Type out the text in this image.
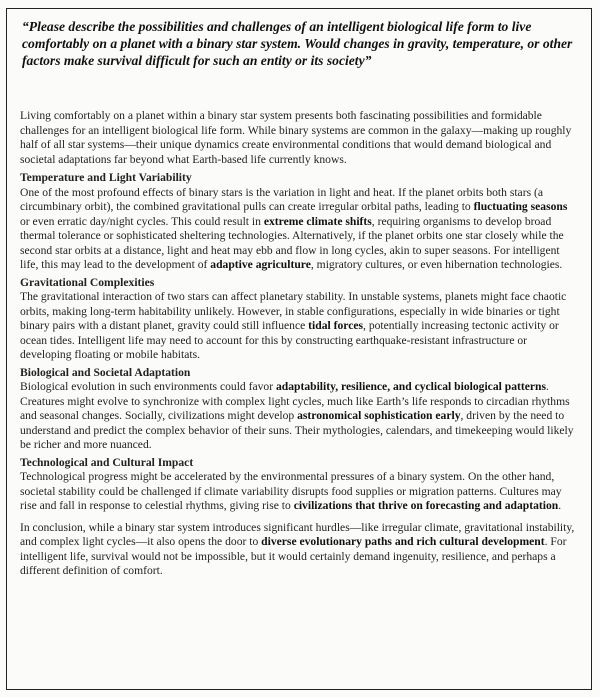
“Please describe the possibilities and challenges of an intelligent biological life form to live comfortably on a planet with a binary star system. Would changes in gravity, temperature, or other factors make survival difficult for such an entity or its society”

Living comfortably on a planet within a binary star system presents both fascinating possibilities and formidable challenges for an intelligent biological life form. While binary systems are common in the galaxy—making up roughly half of all star systems—their unique dynamics create environmental conditions that would demand biological and societal adaptations far beyond what Earth-based life currently knows.

Temperature and Light Variability

One of the most profound effects of binary stars is the variation in light and heat. If the planet orbits both stars (a circumbinary orbit), the combined gravitational pulls can create irregular orbital paths, leading to fluctuating seasons or even erratic day/night cycles. This could result in extreme climate shifts, requiring organisms to develop broad thermal tolerance or sophisticated sheltering technologies. Alternatively, if the planet orbits one star closely while the second star orbits at a distance, light and heat may ebb and flow in long cycles, akin to super seasons. For intelligent life, this may lead to the development of adaptive agriculture, migratory cultures, or even hibernation technologies.

Gravitational Complexities

The gravitational interaction of two stars can affect planetary stability. In unstable systems, planets might face chaotic orbits, making long-term habitability unlikely. However, in stable configurations, especially in wide binaries or tight binary pairs with a distant planet, gravity could still influence tidal forces, potentially increasing tectonic activity or ocean tides. Intelligent life may need to account for this by constructing earthquake-resistant infrastructure or developing floating or mobile habitats.

Biological and Societal Adaptation

Biological evolution in such environments could favor adaptability, resilience, and cyclical biological patterns. Creatures might evolve to synchronize with complex light cycles, much like Earth’s life responds to circadian rhythms and seasonal changes. Socially, civilizations might develop astronomical sophistication early, driven by the need to understand and predict the complex behavior of their suns. Their mythologies, calendars, and timekeeping would likely be richer and more nuanced.

Technological and Cultural Impact

Technological progress might be accelerated by the environmental pressures of a binary system. On the other hand, societal stability could be challenged if climate variability disrupts food supplies or migration patterns. Cultures may rise and fall in response to celestial rhythms, giving rise to civilizations that thrive on forecasting and adaptation.

In conclusion, while a binary star system introduces significant hurdles—like irregular climate, gravitational instability, and complex light cycles—it also opens the door to diverse evolutionary paths and rich cultural development. For intelligent life, survival would not be impossible, but it would certainly demand ingenuity, resilience, and perhaps a different definition of comfort.
